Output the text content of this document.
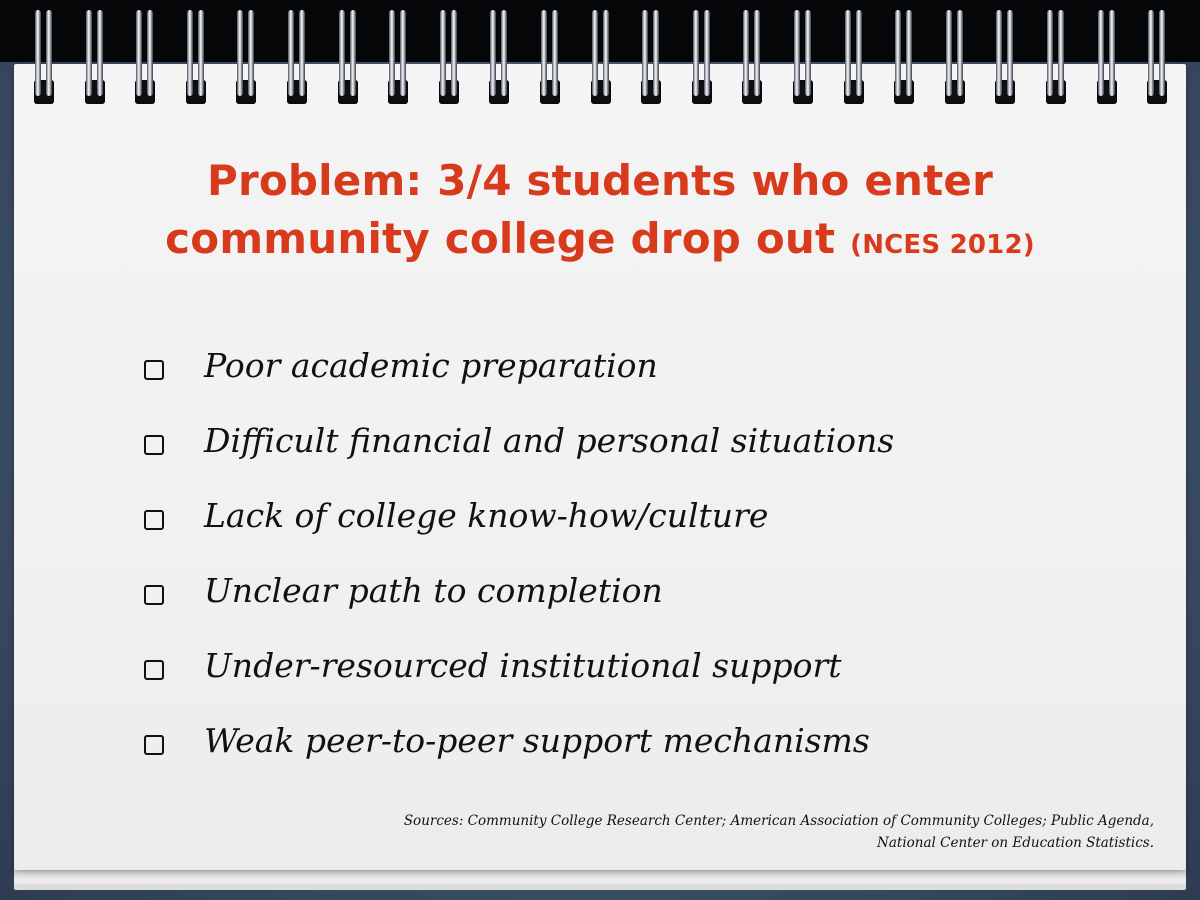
Problem: 3/4 students who enter
community college drop out (NCES 2012)
Poor academic preparation
Difficult financial and personal situations
Lack of college know-how/culture
Unclear path to completion
Under-resourced institutional support
Weak peer-to-peer support mechanisms
Sources: Community College Research Center; American Association of Community Colleges; Public Agenda,
National Center on Education Statistics.
